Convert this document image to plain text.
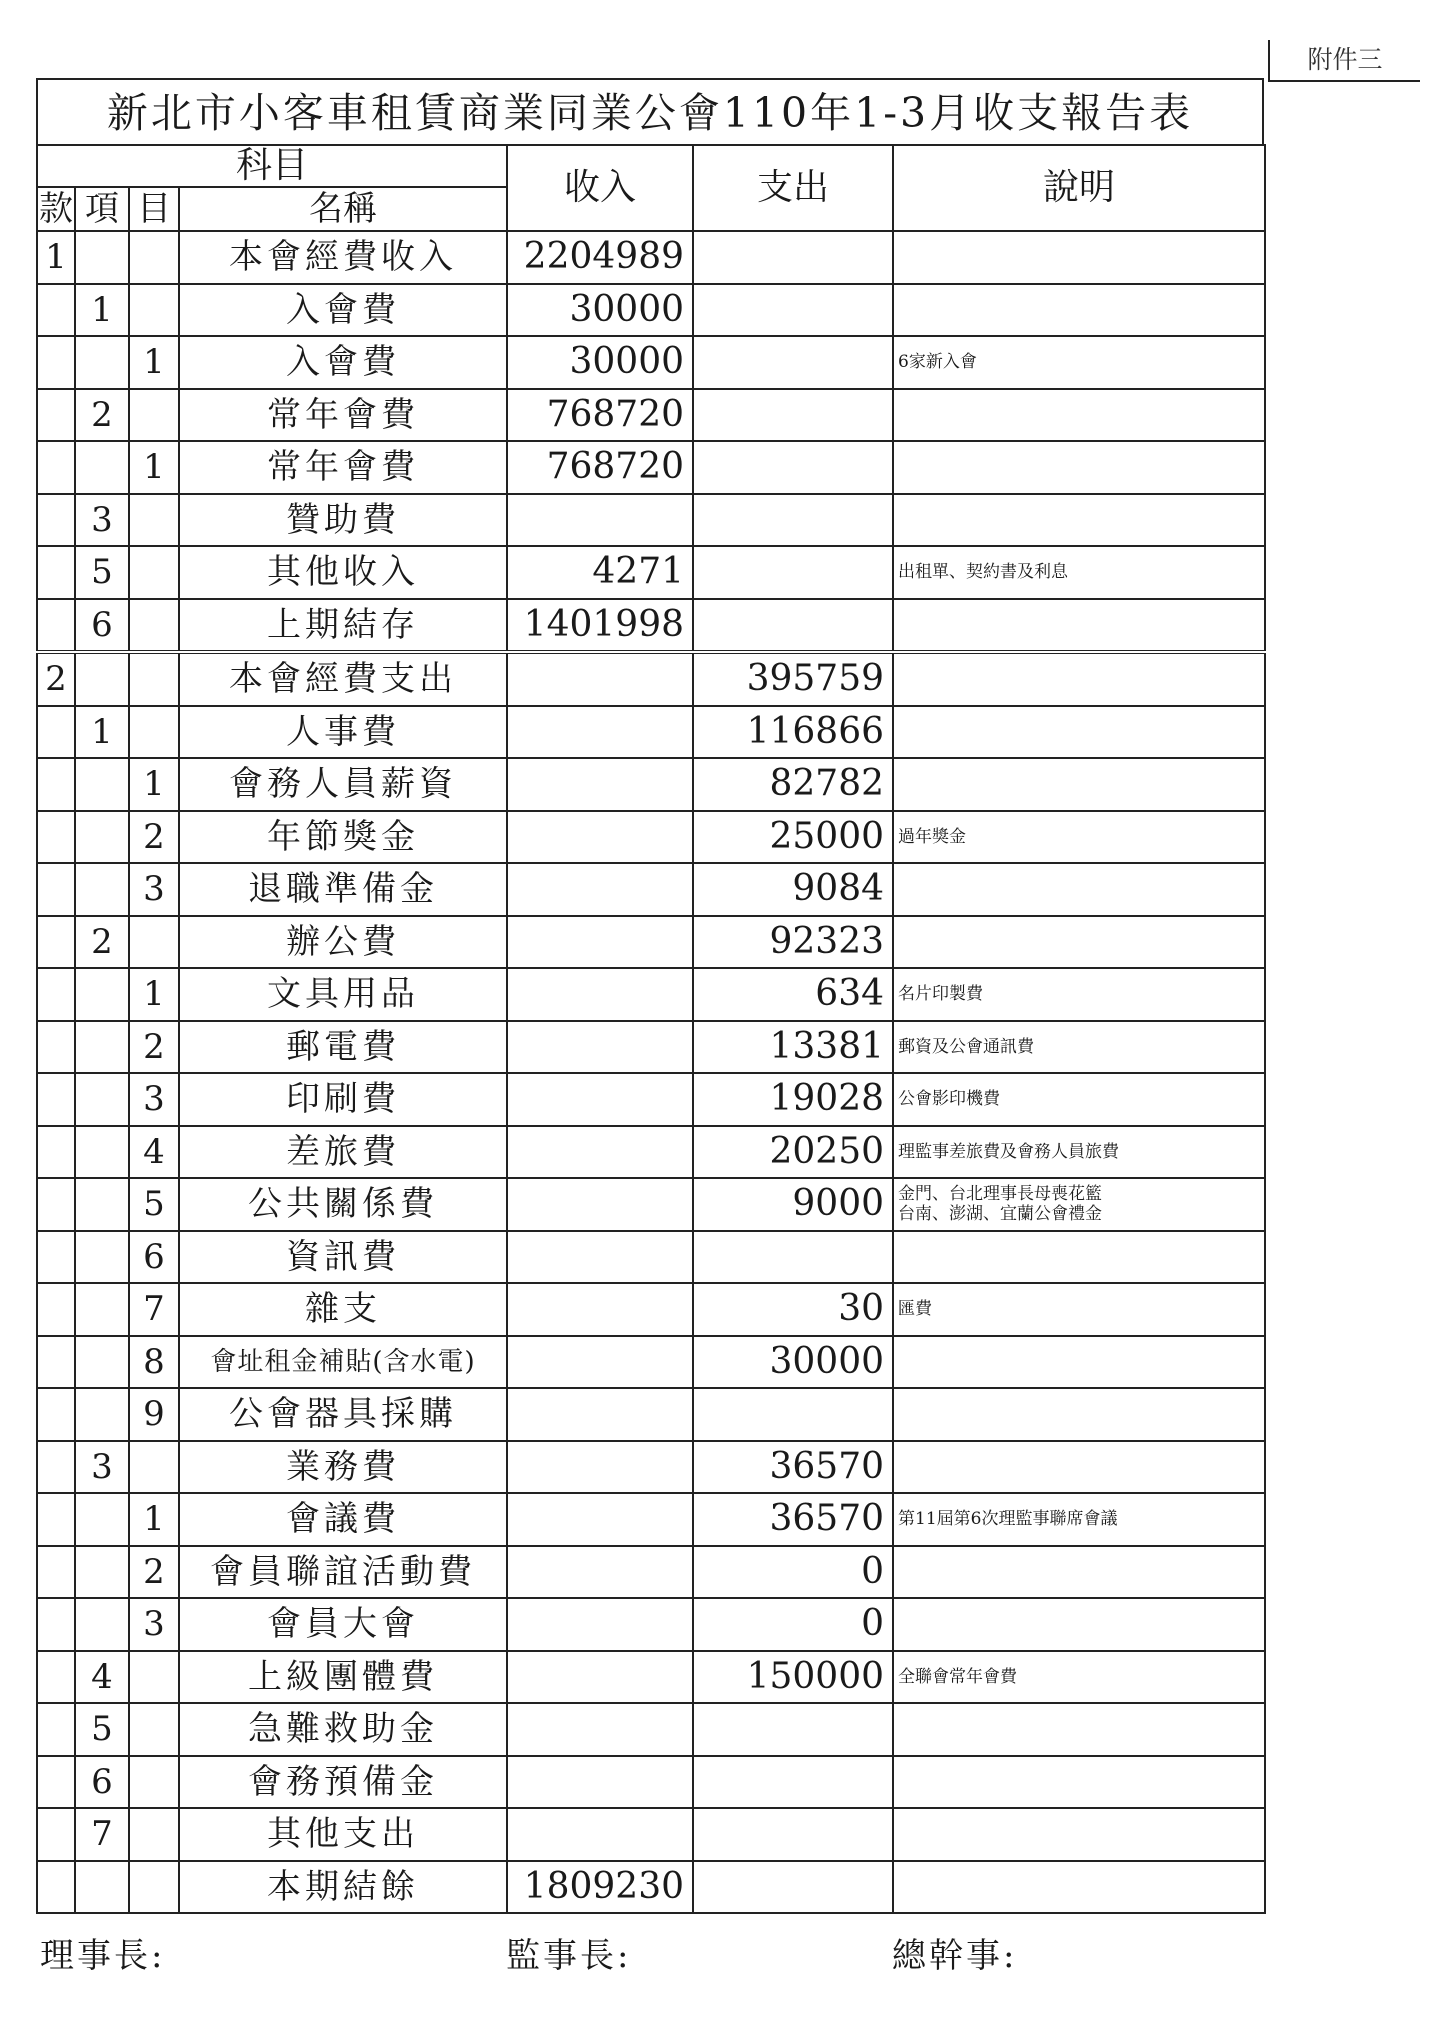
附件三
新北市小客車租賃商業同業公會110年1-3月收支報告表
科目				收入	支出	說明
款	項	目	名稱			
1			本會經費收入	2204989		
	1		入會費	30000		
		1	入會費	30000		6家新入會
	2		常年會費	768720		
		1	常年會費	768720		
	3		贊助費			
	5		其他收入	4271		出租單、契約書及利息
	6		上期結存	1401998		
2			本會經費支出		395759	
	1		人事費		116866	
		1	會務人員薪資		82782	
		2	年節獎金		25000	過年獎金
		3	退職準備金		9084	
	2		辦公費		92323	
		1	文具用品		634	名片印製費
		2	郵電費		13381	郵資及公會通訊費
		3	印刷費		19028	公會影印機費
		4	差旅費		20250	理監事差旅費及會務人員旅費
		5	公共關係費		9000	金門、台北理事長母喪花籃
台南、澎湖、宜蘭公會禮金
		6	資訊費			
		7	雜支		30	匯費
		8	會址租金補貼(含水電)		30000	
		9	公會器具採購			
	3		業務費		36570	
		1	會議費		36570	第11屆第6次理監事聯席會議
		2	會員聯誼活動費		0	
		3	會員大會		0	
	4		上級團體費		150000	全聯會常年會費
	5		急難救助金			
	6		會務預備金			
	7		其他支出			
			本期結餘	1809230		
理事長:	監事長:	總幹事:
